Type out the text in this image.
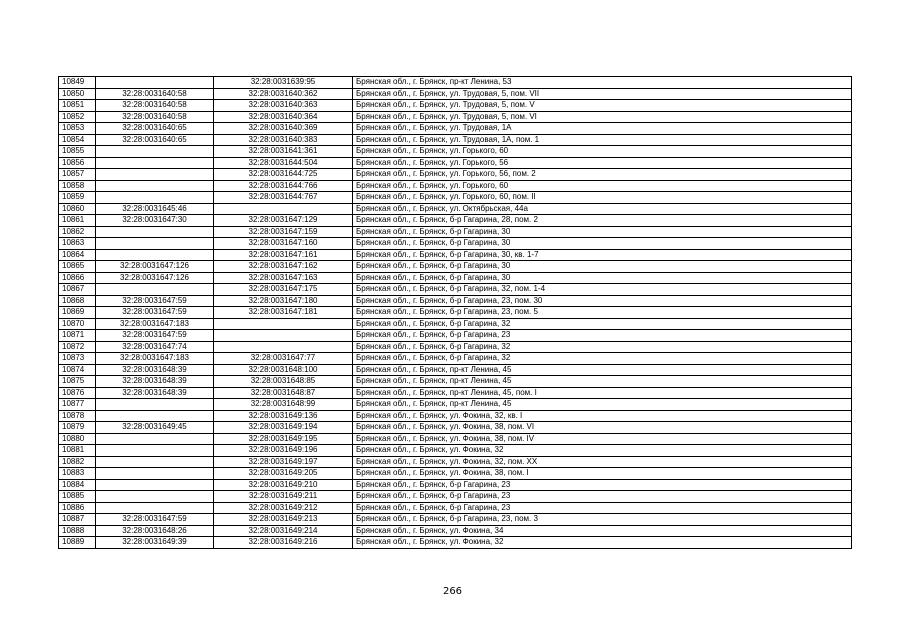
10849		32:28:0031639:95	Брянская обл., г. Брянск, пр-кт Ленина, 53
10850	32:28:0031640:58	32:28:0031640:362	Брянская обл., г. Брянск, ул. Трудовая, 5, пом. VII
10851	32:28:0031640:58	32:28:0031640:363	Брянская обл., г. Брянск, ул. Трудовая, 5, пом. V
10852	32:28:0031640:58	32:28:0031640:364	Брянская обл., г. Брянск, ул. Трудовая, 5, пом. VI
10853	32:28:0031640:65	32:28:0031640:369	Брянская обл., г. Брянск, ул. Трудовая, 1А
10854	32:28:0031640:65	32:28:0031640:383	Брянская обл., г. Брянск, ул. Трудовая, 1А, пом. 1
10855		32:28:0031641:361	Брянская обл., г. Брянск, ул. Горького, 60
10856		32:28:0031644:504	Брянская обл., г. Брянск, ул. Горького, 56
10857		32:28:0031644:725	Брянская обл., г. Брянск, ул. Горького, 56, пом. 2
10858		32:28:0031644:766	Брянская обл., г. Брянск, ул. Горького, 60
10859		32:28:0031644:767	Брянская обл., г. Брянск, ул. Горького, 60, пом. II
10860	32:28:0031645:46		Брянская обл., г. Брянск, ул. Октябрьская, 44а
10861	32:28:0031647:30	32:28:0031647:129	Брянская обл., г. Брянск, б-р Гагарина, 28, пом. 2
10862		32:28:0031647:159	Брянская обл., г. Брянск, б-р Гагарина, 30
10863		32:28:0031647:160	Брянская обл., г. Брянск, б-р Гагарина, 30
10864		32:28:0031647:161	Брянская обл., г. Брянск, б-р Гагарина, 30, кв. 1-7
10865	32:28:0031647:126	32:28:0031647:162	Брянская обл., г. Брянск, б-р Гагарина, 30
10866	32:28:0031647:126	32:28:0031647:163	Брянская обл., г. Брянск, б-р Гагарина, 30
10867		32:28:0031647:175	Брянская обл., г. Брянск, б-р Гагарина, 32, пом. 1-4
10868	32:28:0031647:59	32:28:0031647:180	Брянская обл., г. Брянск, б-р Гагарина, 23, пом. 30
10869	32:28:0031647:59	32:28:0031647:181	Брянская обл., г. Брянск, б-р Гагарина, 23, пом. 5
10870	32:28:0031647:183		Брянская обл., г. Брянск, б-р Гагарина, 32
10871	32:28:0031647:59		Брянская обл., г. Брянск, б-р Гагарина, 23
10872	32:28:0031647:74		Брянская обл., г. Брянск, б-р Гагарина, 32
10873	32:28:0031647:183	32:28:0031647:77	Брянская обл., г. Брянск, б-р Гагарина, 32
10874	32:28:0031648:39	32:28:0031648:100	Брянская обл., г. Брянск, пр-кт Ленина, 45
10875	32:28:0031648:39	32:28:0031648:85	Брянская обл., г. Брянск, пр-кт Ленина, 45
10876	32:28:0031648:39	32:28:0031648:87	Брянская обл., г. Брянск, пр-кт Ленина, 45, пом. I
10877		32:28:0031648:99	Брянская обл., г. Брянск, пр-кт Ленина, 45
10878		32:28:0031649:136	Брянская обл., г. Брянск, ул. Фокина, 32, кв. I
10879	32:28:0031649:45	32:28:0031649:194	Брянская обл., г. Брянск, ул. Фокина, 38, пом. VI
10880		32:28:0031649:195	Брянская обл., г. Брянск, ул. Фокина, 38, пом. IV
10881		32:28:0031649:196	Брянская обл., г. Брянск, ул. Фокина, 32
10882		32:28:0031649:197	Брянская обл., г. Брянск, ул. Фокина, 32, пом. XX
10883		32:28:0031649:205	Брянская обл., г. Брянск, ул. Фокина, 38, пом. I
10884		32:28:0031649:210	Брянская обл., г. Брянск, б-р Гагарина, 23
10885		32:28:0031649:211	Брянская обл., г. Брянск, б-р Гагарина, 23
10886		32:28:0031649:212	Брянская обл., г. Брянск, б-р Гагарина, 23
10887	32:28:0031647:59	32:28:0031649:213	Брянская обл., г. Брянск, б-р Гагарина, 23, пом. 3
10888	32:28:0031648:26	32:28:0031649:214	Брянская обл., г. Брянск, ул. Фокина, 34
10889	32:28:0031649:39	32:28:0031649:216	Брянская обл., г. Брянск, ул. Фокина, 32
266
